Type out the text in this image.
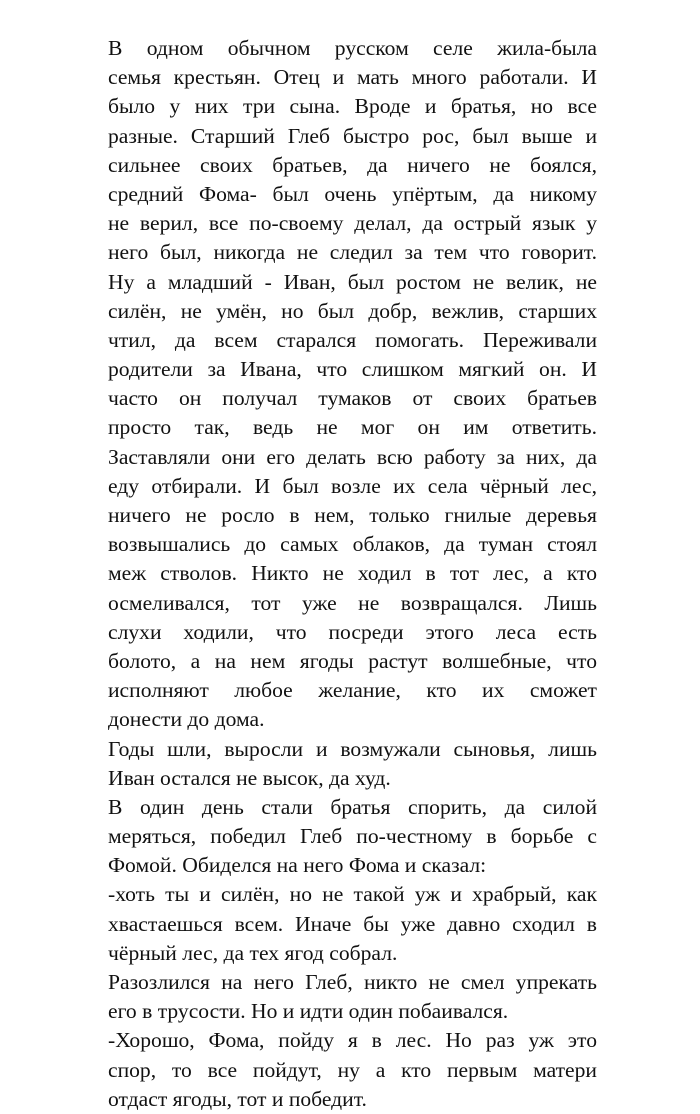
В одном обычном русском селе жила-была
семья крестьян. Отец и мать много работали. И
было у них три сына. Вроде и братья, но все
разные. Старший Глеб быстро рос, был выше и
сильнее своих братьев, да ничего не боялся,
средний Фома- был очень упёртым, да никому
не верил, все по-своему делал, да острый язык у
него был, никогда не следил за тем что говорит.
Ну а младший - Иван, был ростом не велик, не
силён, не умён, но был добр, вежлив, старших
чтил, да всем старался помогать. Переживали
родители за Ивана, что слишком мягкий он. И
часто он получал тумаков от своих братьев
просто так, ведь не мог он им ответить.
Заставляли они его делать всю работу за них, да
еду отбирали. И был возле их села чёрный лес,
ничего не росло в нем, только гнилые деревья
возвышались до самых облаков, да туман стоял
меж стволов. Никто не ходил в тот лес, а кто
осмеливался, тот уже не возвращался. Лишь
слухи ходили, что посреди этого леса есть
болото, а на нем ягоды растут волшебные, что
исполняют любое желание, кто их сможет
донести до дома.
Годы шли, выросли и возмужали сыновья, лишь
Иван остался не высок, да худ.
В один день стали братья спорить, да силой
меряться, победил Глеб по-честному в борьбе с
Фомой. Обиделся на него Фома и сказал:
-хоть ты и силён, но не такой уж и храбрый, как
хвастаешься всем. Иначе бы уже давно сходил в
чёрный лес, да тех ягод собрал.
Разозлился на него Глеб, никто не смел упрекать
его в трусости. Но и идти один побаивался.
-Хорошо, Фома, пойду я в лес. Но раз уж это
спор, то все пойдут, ну а кто первым матери
отдаст ягоды, тот и победит.
